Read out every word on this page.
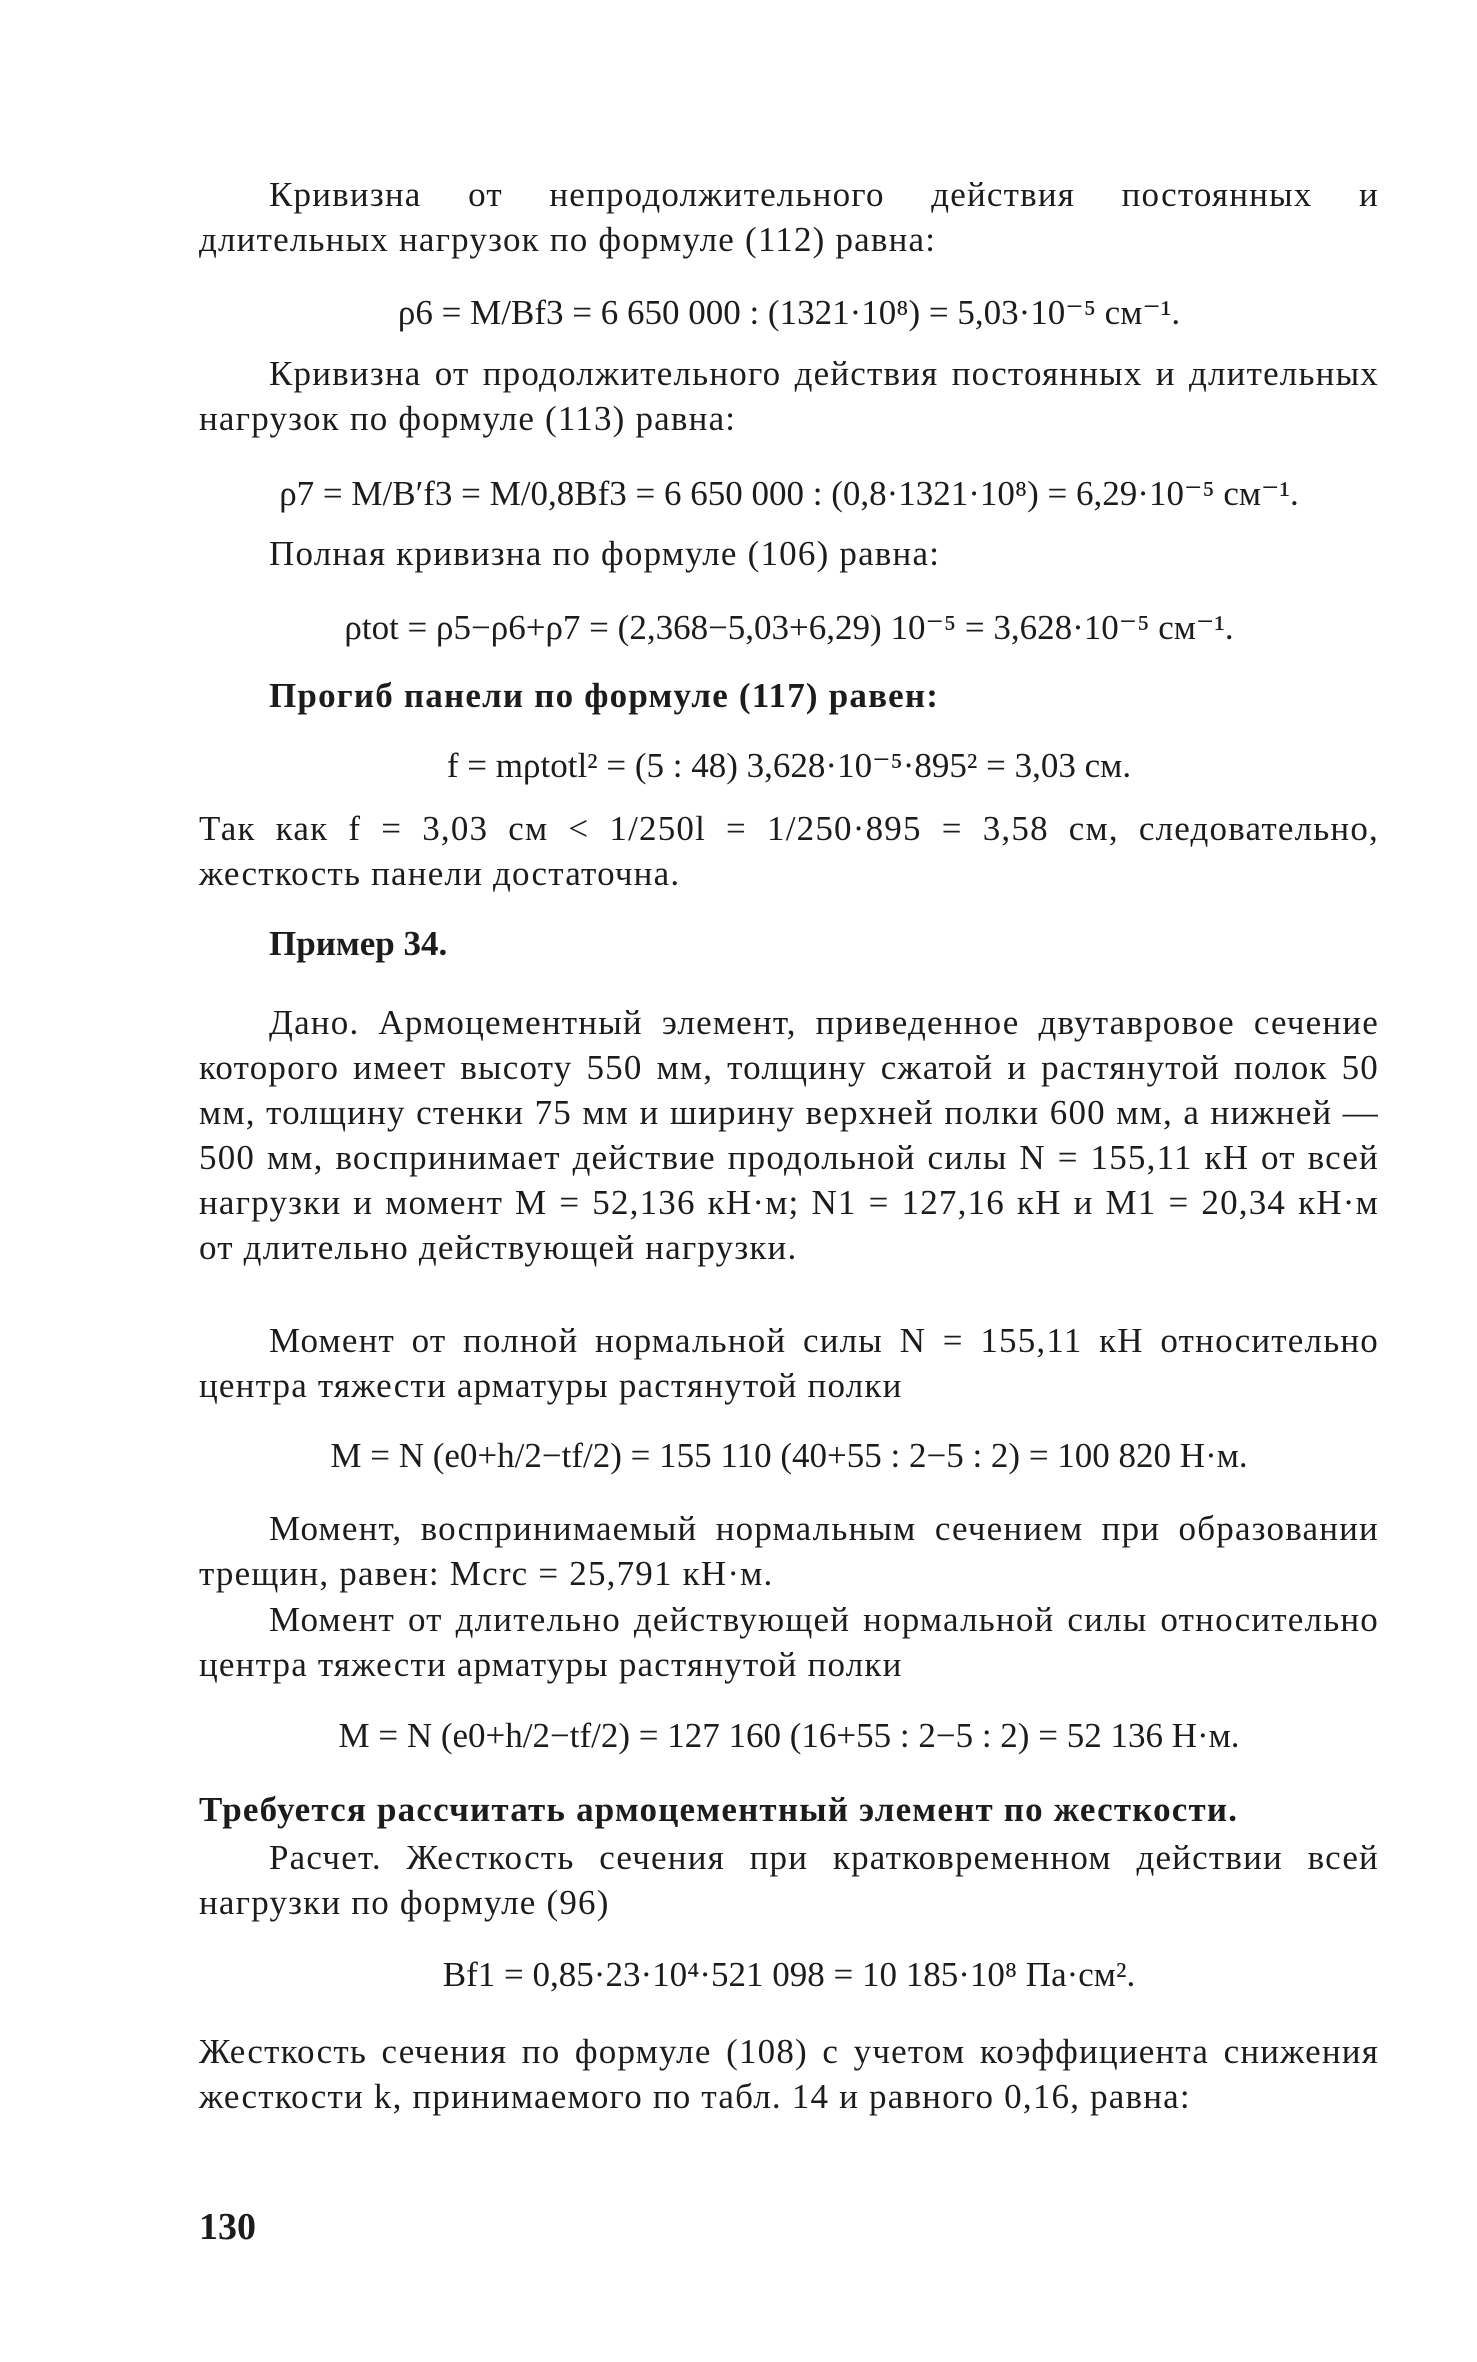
Кривизна от непродолжительного действия постоянных и длительных нагрузок по формуле (112) равна:

ρ6 = M/Bf3 = 6 650 000 : (1321·10⁸) = 5,03·10⁻⁵ см⁻¹.

Кривизна от продолжительного действия постоянных и длительных нагрузок по формуле (113) равна:

ρ7 = M/B′f3 = M/0,8Bf3 = 6 650 000 : (0,8·1321·10⁸) = 6,29·10⁻⁵ см⁻¹.

Полная кривизна по формуле (106) равна:

ρtot = ρ5−ρ6+ρ7 = (2,368−5,03+6,29) 10⁻⁵ = 3,628·10⁻⁵ см⁻¹.

Прогиб панели по формуле (117) равен:

f = mρtotl² = (5 : 48) 3,628·10⁻⁵·895² = 3,03 см.

Так как f = 3,03 см < 1/250l = 1/250·895 = 3,58 см, следовательно, жесткость панели достаточна.

Пример 34.

Дано. Армоцементный элемент, приведенное двутавровое сечение которого имеет высоту 550 мм, толщину сжатой и растянутой полок 50 мм, толщину стенки 75 мм и ширину верхней полки 600 мм, а нижней — 500 мм, воспринимает действие продольной силы N = 155,11 кН от всей нагрузки и момент M = 52,136 кН·м; N1 = 127,16 кН и M1 = 20,34 кН·м от длительно действующей нагрузки.

Момент от полной нормальной силы N = 155,11 кН относительно центра тяжести арматуры растянутой полки

M = N (e0+h/2−tf/2) = 155 110 (40+55 : 2−5 : 2) = 100 820 Н·м.

Момент, воспринимаемый нормальным сечением при образовании трещин, равен: Mcrc = 25,791 кН·м.

Момент от длительно действующей нормальной силы относительно центра тяжести арматуры растянутой полки

M = N (e0+h/2−tf/2) = 127 160 (16+55 : 2−5 : 2) = 52 136 Н·м.

Требуется рассчитать армоцементный элемент по жесткости.

Расчет. Жесткость сечения при кратковременном действии всей нагрузки по формуле (96)

Bf1 = 0,85·23·10⁴·521 098 = 10 185·10⁸ Па·см².

Жесткость сечения по формуле (108) с учетом коэффициента снижения жесткости k, принимаемого по табл. 14 и равного 0,16, равна:

130
